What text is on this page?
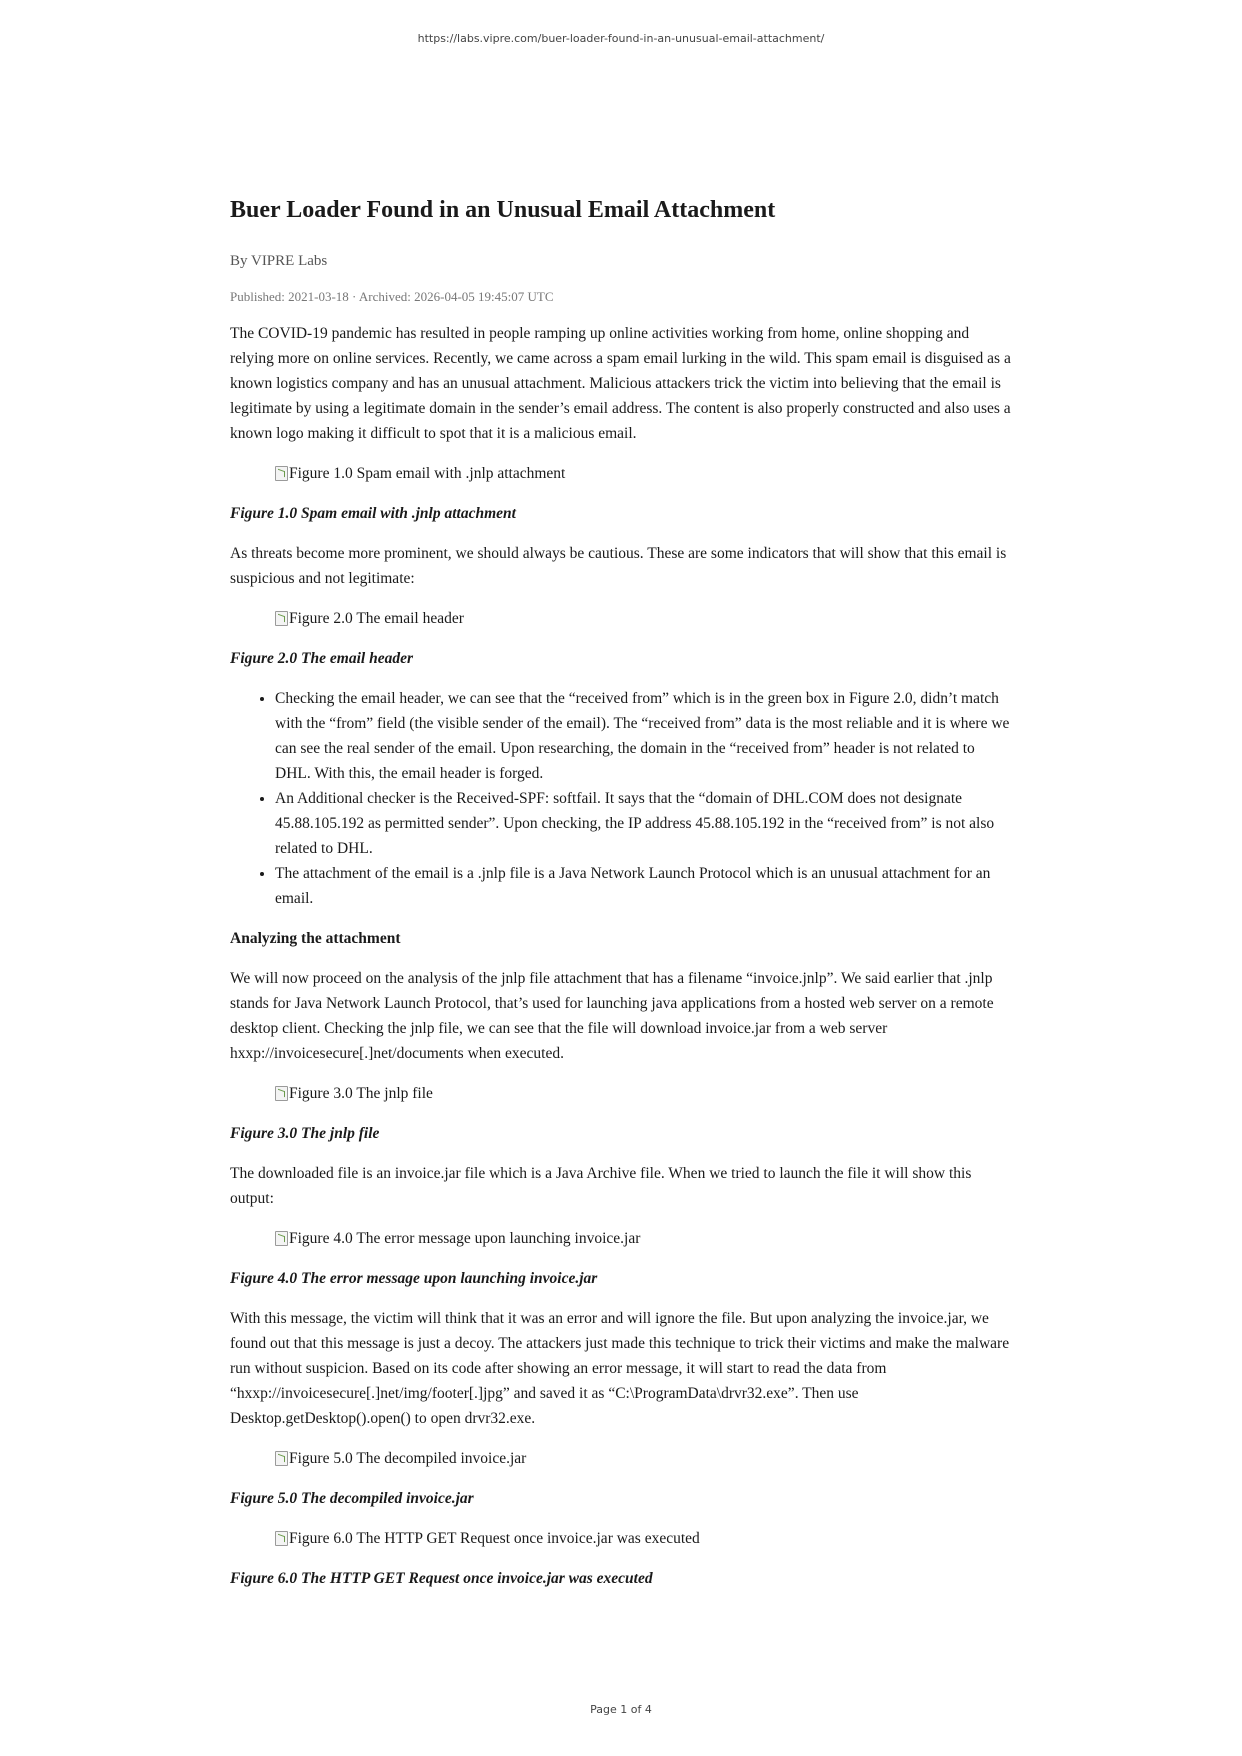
https://labs.vipre.com/buer-loader-found-in-an-unusual-email-attachment/
Buer Loader Found in an Unusual Email Attachment
By VIPRE Labs
Published: 2021-03-18 · Archived: 2026-04-05 19:45:07 UTC

The COVID-19 pandemic has resulted in people ramping up online activities working from home, online shopping and relying more on online services. Recently, we came across a spam email lurking in the wild. This spam email is disguised as a known logistics company and has an unusual attachment. Malicious attackers trick the victim into believing that the email is legitimate by using a legitimate domain in the sender’s email address. The content is also properly constructed and also uses a known logo making it difficult to spot that it is a malicious email.

Figure 1.0 Spam email with .jnlp attachment
Figure 1.0 Spam email with .jnlp attachment

As threats become more prominent, we should always be cautious. These are some indicators that will show that this email is suspicious and not legitimate:

Figure 2.0 The email header
Figure 2.0 The email header
• Checking the email header, we can see that the “received from” which is in the green box in Figure 2.0, didn’t match with the “from” field (the visible sender of the email). The “received from” data is the most reliable and it is where we can see the real sender of the email. Upon researching, the domain in the “received from” header is not related to DHL. With this, the email header is forged.
• An Additional checker is the Received-SPF: softfail. It says that the “domain of DHL.COM does not designate 45.88.105.192 as permitted sender”. Upon checking, the IP address 45.88.105.192 in the “received from” is not also related to DHL.
• The attachment of the email is a .jnlp file is a Java Network Launch Protocol which is an unusual attachment for an email.
Analyzing the attachment

We will now proceed on the analysis of the jnlp file attachment that has a filename “invoice.jnlp”. We said earlier that .jnlp stands for Java Network Launch Protocol, that’s used for launching java applications from a hosted web server on a remote desktop client. Checking the jnlp file, we can see that the file will download invoice.jar from a web server hxxp://invoicesecure[.]net/documents when executed.

Figure 3.0 The jnlp file
Figure 3.0 The jnlp file

The downloaded file is an invoice.jar file which is a Java Archive file. When we tried to launch the file it will show this output:

Figure 4.0 The error message upon launching invoice.jar
Figure 4.0 The error message upon launching invoice.jar

With this message, the victim will think that it was an error and will ignore the file. But upon analyzing the invoice.jar, we found out that this message is just a decoy. The attackers just made this technique to trick their victims and make the malware run without suspicion. Based on its code after showing an error message, it will start to read the data from “hxxp://invoicesecure[.]net/img/footer[.]jpg” and saved it as “C:\ProgramData\drvr32.exe”. Then use Desktop.getDesktop().open() to open drvr32.exe.

Figure 5.0 The decompiled invoice.jar
Figure 5.0 The decompiled invoice.jar
Figure 6.0 The HTTP GET Request once invoice.jar was executed
Figure 6.0 The HTTP GET Request once invoice.jar was executed
Page 1 of 4
